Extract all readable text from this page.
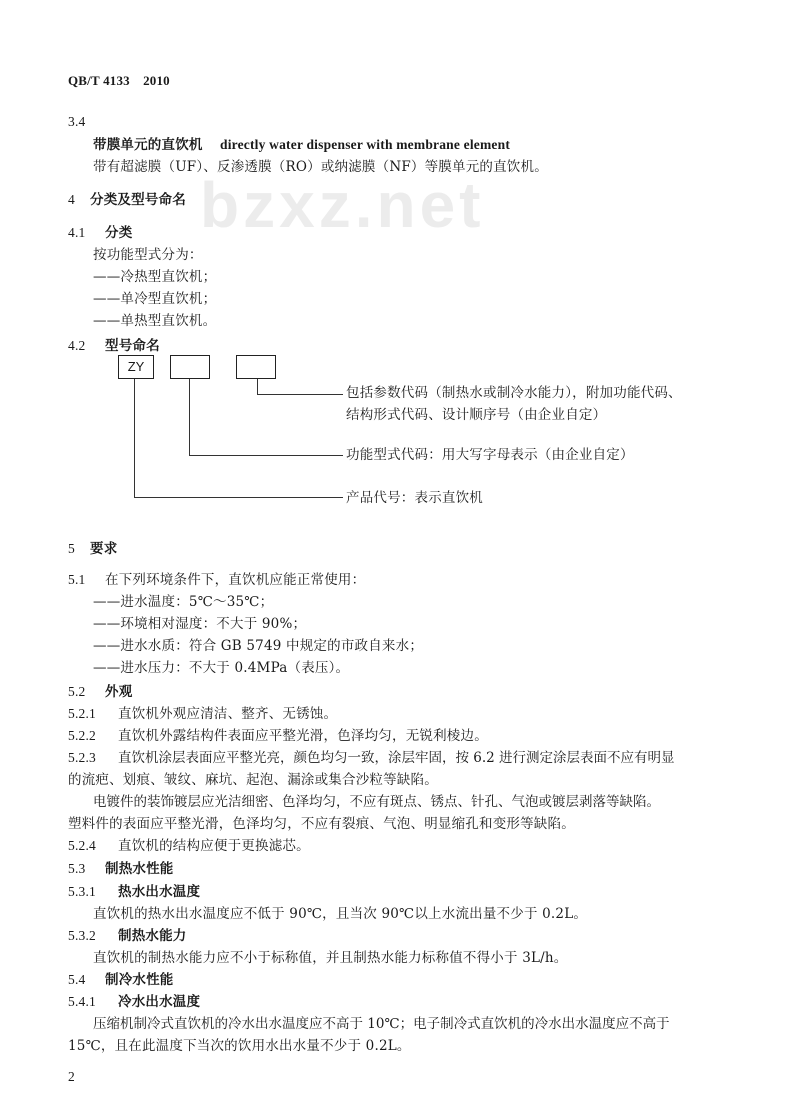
bzxz.net
QB/T 4133　2010
3.4
带膜单元的直饮机 directly water dispenser with membrane element
带有超滤膜（UF）、反渗透膜（RO）或纳滤膜（NF）等膜单元的直饮机。
4 分类及型号命名
4.1 分类
按功能型式分为：
——冷热型直饮机；
——单冷型直饮机；
——单热型直饮机。
4.2 型号命名
ZY
包括参数代码（制热水或制冷水能力），附加功能代码、
结构形式代码、设计顺序号（由企业自定）
功能型式代码：用大写字母表示（由企业自定）
产品代号：表示直饮机
5 要求
5.1 在下列环境条件下，直饮机应能正常使用：
——进水温度：5℃～35℃；
——环境相对湿度：不大于 90%；
——进水水质：符合 GB 5749 中规定的市政自来水；
——进水压力：不大于 0.4MPa（表压）。
5.2 外观
5.2.1 直饮机外观应清洁、整齐、无锈蚀。
5.2.2 直饮机外露结构件表面应平整光滑，色泽均匀，无锐利棱边。
5.2.3 直饮机涂层表面应平整光亮，颜色均匀一致，涂层牢固，按 6.2 进行测定涂层表面不应有明显
的流疤、划痕、皱纹、麻坑、起泡、漏涂或集合沙粒等缺陷。
电镀件的装饰镀层应光洁细密、色泽均匀，不应有斑点、锈点、针孔、气泡或镀层剥落等缺陷。
塑料件的表面应平整光滑，色泽均匀，不应有裂痕、气泡、明显缩孔和变形等缺陷。
5.2.4 直饮机的结构应便于更换滤芯。
5.3 制热水性能
5.3.1 热水出水温度
直饮机的热水出水温度应不低于 90℃，且当次 90℃以上水流出量不少于 0.2L。
5.3.2 制热水能力
直饮机的制热水能力应不小于标称值，并且制热水能力标称值不得小于 3L/h。
5.4 制冷水性能
5.4.1 冷水出水温度
压缩机制冷式直饮机的冷水出水温度应不高于 10℃；电子制冷式直饮机的冷水出水温度应不高于
15℃，且在此温度下当次的饮用水出水量不少于 0.2L。
2
